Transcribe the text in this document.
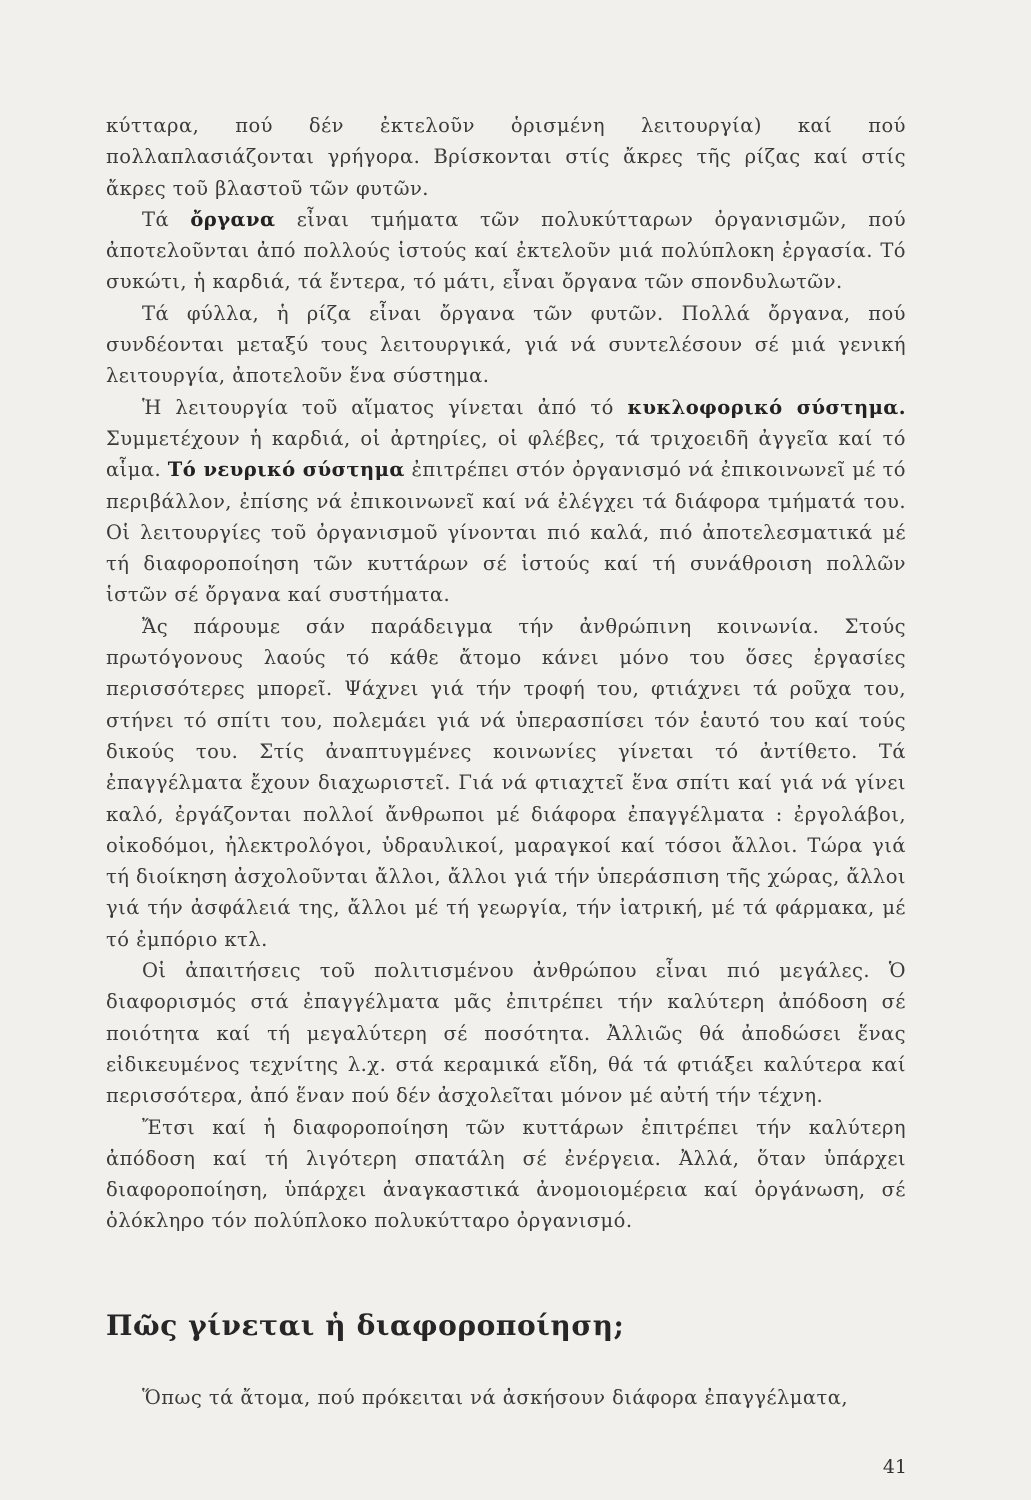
κύτταρα, πού δέν ἐκτελοῦν ὁρισμένη λειτουργία) καί πού πολλαπλασιάζονται γρήγορα. Βρίσκονται στίς ἄκρες τῆς ρίζας καί στίς ἄκρες τοῦ βλαστοῦ τῶν φυτῶν.

Τά ὄργανα εἶναι τμήματα τῶν πολυκύτταρων ὀργανισμῶν, πού ἀποτελοῦνται ἀπό πολλούς ἱστούς καί ἐκτελοῦν μιά πολύπλοκη ἐργασία. Τό συκώτι, ἡ καρδιά, τά ἔντερα, τό μάτι, εἶναι ὄργανα τῶν σπονδυλωτῶν.

Τά φύλλα, ἡ ρίζα εἶναι ὄργανα τῶν φυτῶν. Πολλά ὄργανα, πού συνδέονται μεταξύ τους λειτουργικά, γιά νά συντελέσουν σέ μιά γενική λειτουργία, ἀποτελοῦν ἕνα σύστημα.

Ἡ λειτουργία τοῦ αἵματος γίνεται ἀπό τό κυκλοφορικό σύστημα. Συμμετέχουν ἡ καρδιά, οἱ ἀρτηρίες, οἱ φλέβες, τά τριχοειδῆ ἀγγεῖα καί τό αἷμα. Τό νευρικό σύστημα ἐπιτρέπει στόν ὀργανισμό νά ἐπικοινωνεῖ μέ τό περιβάλλον, ἐπίσης νά ἐπικοινωνεῖ καί νά ἐλέγχει τά διάφορα τμήματά του. Οἱ λειτουργίες τοῦ ὀργανισμοῦ γίνονται πιό καλά, πιό ἀποτελεσματικά μέ τή διαφοροποίηση τῶν κυττάρων σέ ἱστούς καί τή συνάθροιση πολλῶν ἱστῶν σέ ὄργανα καί συστήματα.

Ἄς πάρουμε σάν παράδειγμα τήν ἀνθρώπινη κοινωνία. Στούς πρωτόγονους λαούς τό κάθε ἄτομο κάνει μόνο του ὅσες ἐργασίες περισσότερες μπορεῖ. Ψάχνει γιά τήν τροφή του, φτιάχνει τά ροῦχα του, στήνει τό σπίτι του, πολεμάει γιά νά ὑπερασπίσει τόν ἑαυτό του καί τούς δικούς του. Στίς ἀναπτυγμένες κοινωνίες γίνεται τό ἀντίθετο. Τά ἐπαγγέλματα ἔχουν διαχωριστεῖ. Γιά νά φτιαχτεῖ ἕνα σπίτι καί γιά νά γίνει καλό, ἐργάζονται πολλοί ἄνθρωποι μέ διάφορα ἐπαγγέλματα : ἐργολάβοι, οἰκοδόμοι, ἠλεκτρολόγοι, ὑδραυλικοί, μαραγκοί καί τόσοι ἄλλοι. Τώρα γιά τή διοίκηση ἀσχολοῦνται ἄλλοι, ἄλλοι γιά τήν ὑπεράσπιση τῆς χώρας, ἄλλοι γιά τήν ἀσφάλειά της, ἄλλοι μέ τή γεωργία, τήν ἰατρική, μέ τά φάρμακα, μέ τό ἐμπόριο κτλ.

Οἱ ἀπαιτήσεις τοῦ πολιτισμένου ἀνθρώπου εἶναι πιό μεγάλες. Ὁ διαφορισμός στά ἐπαγγέλματα μᾶς ἐπιτρέπει τήν καλύτερη ἀπόδοση σέ ποιότητα καί τή μεγαλύτερη σέ ποσότητα. Ἀλλιῶς θά ἀποδώσει ἕνας εἰδικευμένος τεχνίτης λ.χ. στά κεραμικά εἴδη, θά τά φτιάξει καλύτερα καί περισσότερα, ἀπό ἕναν πού δέν ἀσχολεῖται μόνον μέ αὐτή τήν τέχνη.

Ἔτσι καί ἡ διαφοροποίηση τῶν κυττάρων ἐπιτρέπει τήν καλύτερη ἀπόδοση καί τή λιγότερη σπατάλη σέ ἐνέργεια. Ἀλλά, ὅταν ὑπάρχει διαφοροποίηση, ὑπάρχει ἀναγκαστικά ἀνομοιομέρεια καί ὀργάνωση, σέ ὁλόκληρο τόν πολύπλοκο πολυκύτταρο ὀργανισμό.

Πῶς γίνεται ἡ διαφοροποίηση;

Ὅπως τά ἄτομα, πού πρόκειται νά ἀσκήσουν διάφορα ἐπαγγέλματα,

41
